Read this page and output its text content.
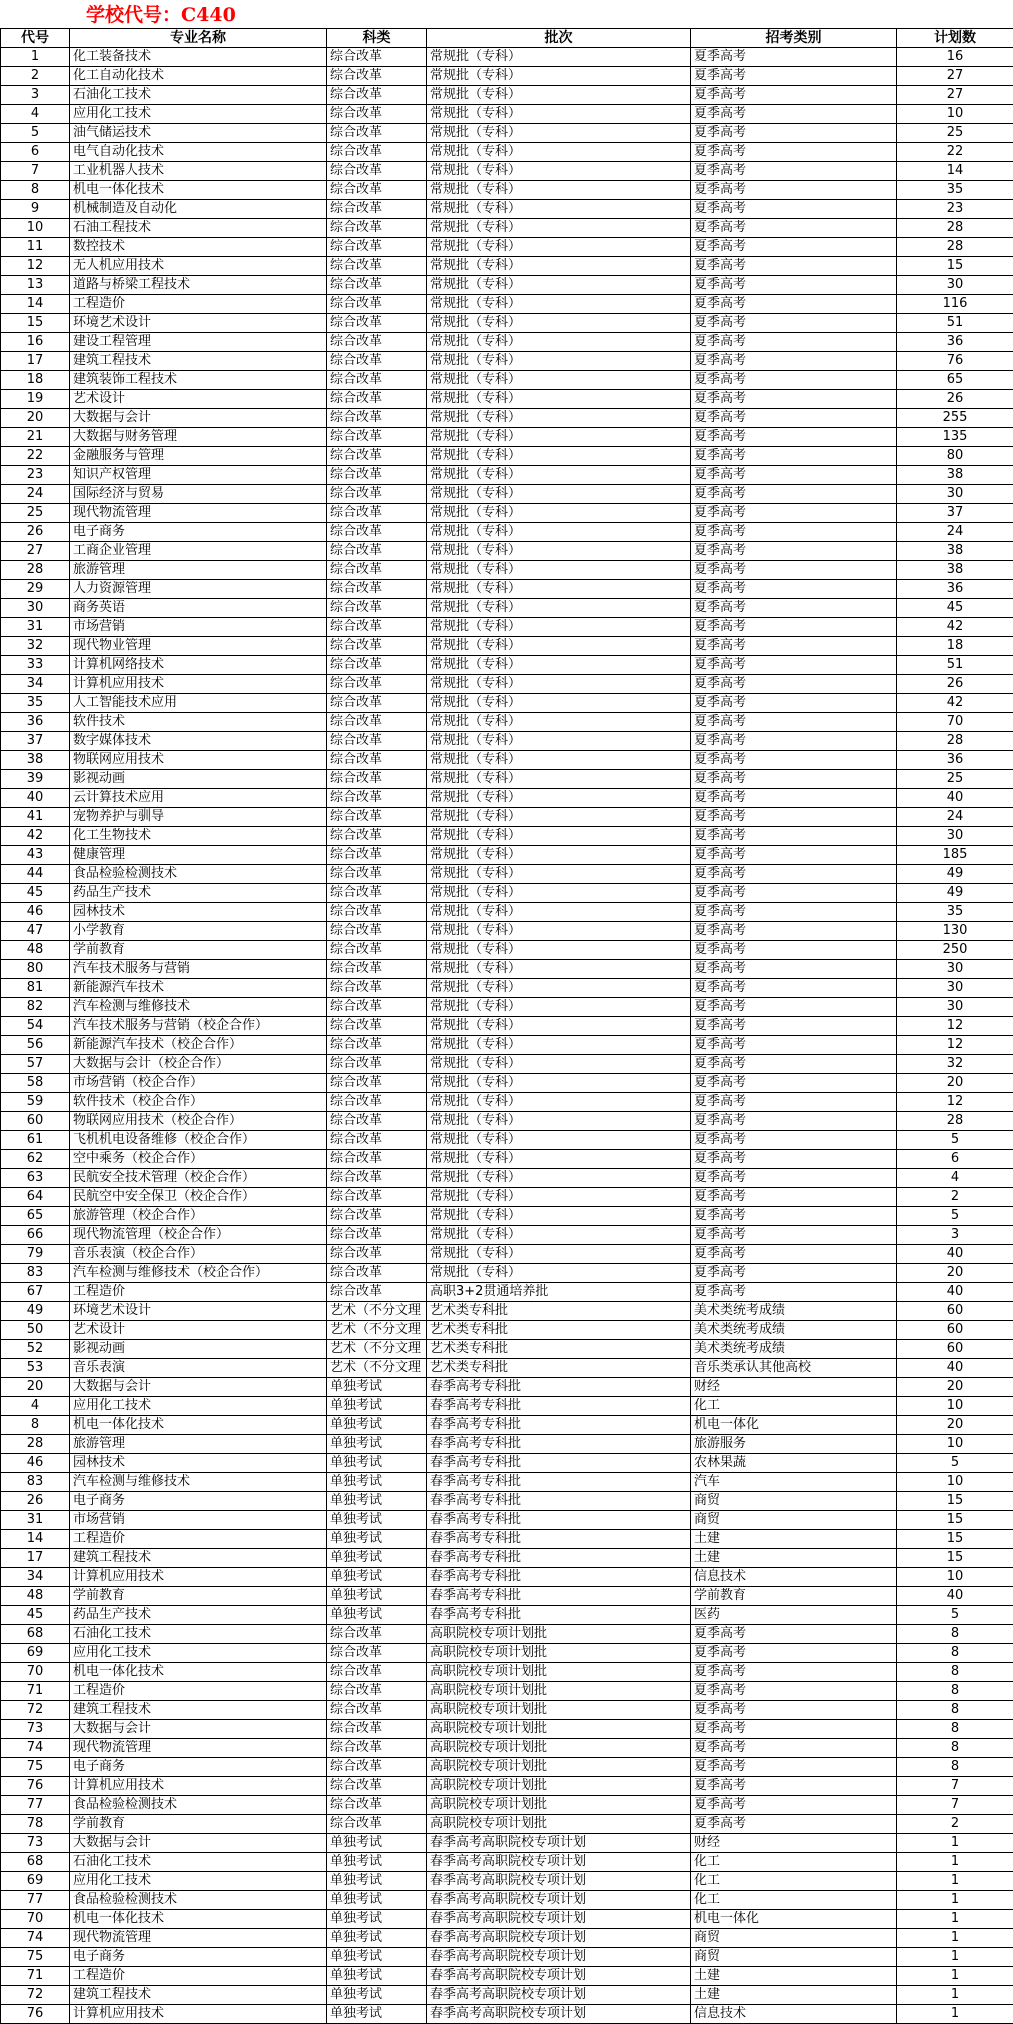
学校代号：C440
代号	专业名称	科类	批次	招考类别	计划数
1	化工装备技术	综合改革	常规批（专科）	夏季高考	16
2	化工自动化技术	综合改革	常规批（专科）	夏季高考	27
3	石油化工技术	综合改革	常规批（专科）	夏季高考	27
4	应用化工技术	综合改革	常规批（专科）	夏季高考	10
5	油气储运技术	综合改革	常规批（专科）	夏季高考	25
6	电气自动化技术	综合改革	常规批（专科）	夏季高考	22
7	工业机器人技术	综合改革	常规批（专科）	夏季高考	14
8	机电一体化技术	综合改革	常规批（专科）	夏季高考	35
9	机械制造及自动化	综合改革	常规批（专科）	夏季高考	23
10	石油工程技术	综合改革	常规批（专科）	夏季高考	28
11	数控技术	综合改革	常规批（专科）	夏季高考	28
12	无人机应用技术	综合改革	常规批（专科）	夏季高考	15
13	道路与桥梁工程技术	综合改革	常规批（专科）	夏季高考	30
14	工程造价	综合改革	常规批（专科）	夏季高考	116
15	环境艺术设计	综合改革	常规批（专科）	夏季高考	51
16	建设工程管理	综合改革	常规批（专科）	夏季高考	36
17	建筑工程技术	综合改革	常规批（专科）	夏季高考	76
18	建筑装饰工程技术	综合改革	常规批（专科）	夏季高考	65
19	艺术设计	综合改革	常规批（专科）	夏季高考	26
20	大数据与会计	综合改革	常规批（专科）	夏季高考	255
21	大数据与财务管理	综合改革	常规批（专科）	夏季高考	135
22	金融服务与管理	综合改革	常规批（专科）	夏季高考	80
23	知识产权管理	综合改革	常规批（专科）	夏季高考	38
24	国际经济与贸易	综合改革	常规批（专科）	夏季高考	30
25	现代物流管理	综合改革	常规批（专科）	夏季高考	37
26	电子商务	综合改革	常规批（专科）	夏季高考	24
27	工商企业管理	综合改革	常规批（专科）	夏季高考	38
28	旅游管理	综合改革	常规批（专科）	夏季高考	38
29	人力资源管理	综合改革	常规批（专科）	夏季高考	36
30	商务英语	综合改革	常规批（专科）	夏季高考	45
31	市场营销	综合改革	常规批（专科）	夏季高考	42
32	现代物业管理	综合改革	常规批（专科）	夏季高考	18
33	计算机网络技术	综合改革	常规批（专科）	夏季高考	51
34	计算机应用技术	综合改革	常规批（专科）	夏季高考	26
35	人工智能技术应用	综合改革	常规批（专科）	夏季高考	42
36	软件技术	综合改革	常规批（专科）	夏季高考	70
37	数字媒体技术	综合改革	常规批（专科）	夏季高考	28
38	物联网应用技术	综合改革	常规批（专科）	夏季高考	36
39	影视动画	综合改革	常规批（专科）	夏季高考	25
40	云计算技术应用	综合改革	常规批（专科）	夏季高考	40
41	宠物养护与驯导	综合改革	常规批（专科）	夏季高考	24
42	化工生物技术	综合改革	常规批（专科）	夏季高考	30
43	健康管理	综合改革	常规批（专科）	夏季高考	185
44	食品检验检测技术	综合改革	常规批（专科）	夏季高考	49
45	药品生产技术	综合改革	常规批（专科）	夏季高考	49
46	园林技术	综合改革	常规批（专科）	夏季高考	35
47	小学教育	综合改革	常规批（专科）	夏季高考	130
48	学前教育	综合改革	常规批（专科）	夏季高考	250
80	汽车技术服务与营销	综合改革	常规批（专科）	夏季高考	30
81	新能源汽车技术	综合改革	常规批（专科）	夏季高考	30
82	汽车检测与维修技术	综合改革	常规批（专科）	夏季高考	30
54	汽车技术服务与营销（校企合作）	综合改革	常规批（专科）	夏季高考	12
56	新能源汽车技术（校企合作）	综合改革	常规批（专科）	夏季高考	12
57	大数据与会计（校企合作）	综合改革	常规批（专科）	夏季高考	32
58	市场营销（校企合作）	综合改革	常规批（专科）	夏季高考	20
59	软件技术（校企合作）	综合改革	常规批（专科）	夏季高考	12
60	物联网应用技术（校企合作）	综合改革	常规批（专科）	夏季高考	28
61	飞机机电设备维修（校企合作）	综合改革	常规批（专科）	夏季高考	5
62	空中乘务（校企合作）	综合改革	常规批（专科）	夏季高考	6
63	民航安全技术管理（校企合作）	综合改革	常规批（专科）	夏季高考	4
64	民航空中安全保卫（校企合作）	综合改革	常规批（专科）	夏季高考	2
65	旅游管理（校企合作）	综合改革	常规批（专科）	夏季高考	5
66	现代物流管理（校企合作）	综合改革	常规批（专科）	夏季高考	3
79	音乐表演（校企合作）	综合改革	常规批（专科）	夏季高考	40
83	汽车检测与维修技术（校企合作）	综合改革	常规批（专科）	夏季高考	20
67	工程造价	综合改革	高职3+2贯通培养批	夏季高考	40
49	环境艺术设计	艺术（不分文理	艺术类专科批	美术类统考成绩	60
50	艺术设计	艺术（不分文理	艺术类专科批	美术类统考成绩	60
52	影视动画	艺术（不分文理	艺术类专科批	美术类统考成绩	60
53	音乐表演	艺术（不分文理	艺术类专科批	音乐类承认其他高校	40
20	大数据与会计	单独考试	春季高考专科批	财经	20
4	应用化工技术	单独考试	春季高考专科批	化工	10
8	机电一体化技术	单独考试	春季高考专科批	机电一体化	20
28	旅游管理	单独考试	春季高考专科批	旅游服务	10
46	园林技术	单独考试	春季高考专科批	农林果蔬	5
83	汽车检测与维修技术	单独考试	春季高考专科批	汽车	10
26	电子商务	单独考试	春季高考专科批	商贸	15
31	市场营销	单独考试	春季高考专科批	商贸	15
14	工程造价	单独考试	春季高考专科批	土建	15
17	建筑工程技术	单独考试	春季高考专科批	土建	15
34	计算机应用技术	单独考试	春季高考专科批	信息技术	10
48	学前教育	单独考试	春季高考专科批	学前教育	40
45	药品生产技术	单独考试	春季高考专科批	医药	5
68	石油化工技术	综合改革	高职院校专项计划批	夏季高考	8
69	应用化工技术	综合改革	高职院校专项计划批	夏季高考	8
70	机电一体化技术	综合改革	高职院校专项计划批	夏季高考	8
71	工程造价	综合改革	高职院校专项计划批	夏季高考	8
72	建筑工程技术	综合改革	高职院校专项计划批	夏季高考	8
73	大数据与会计	综合改革	高职院校专项计划批	夏季高考	8
74	现代物流管理	综合改革	高职院校专项计划批	夏季高考	8
75	电子商务	综合改革	高职院校专项计划批	夏季高考	8
76	计算机应用技术	综合改革	高职院校专项计划批	夏季高考	7
77	食品检验检测技术	综合改革	高职院校专项计划批	夏季高考	7
78	学前教育	综合改革	高职院校专项计划批	夏季高考	2
73	大数据与会计	单独考试	春季高考高职院校专项计划	财经	1
68	石油化工技术	单独考试	春季高考高职院校专项计划	化工	1
69	应用化工技术	单独考试	春季高考高职院校专项计划	化工	1
77	食品检验检测技术	单独考试	春季高考高职院校专项计划	化工	1
70	机电一体化技术	单独考试	春季高考高职院校专项计划	机电一体化	1
74	现代物流管理	单独考试	春季高考高职院校专项计划	商贸	1
75	电子商务	单独考试	春季高考高职院校专项计划	商贸	1
71	工程造价	单独考试	春季高考高职院校专项计划	土建	1
72	建筑工程技术	单独考试	春季高考高职院校专项计划	土建	1
76	计算机应用技术	单独考试	春季高考高职院校专项计划	信息技术	1
